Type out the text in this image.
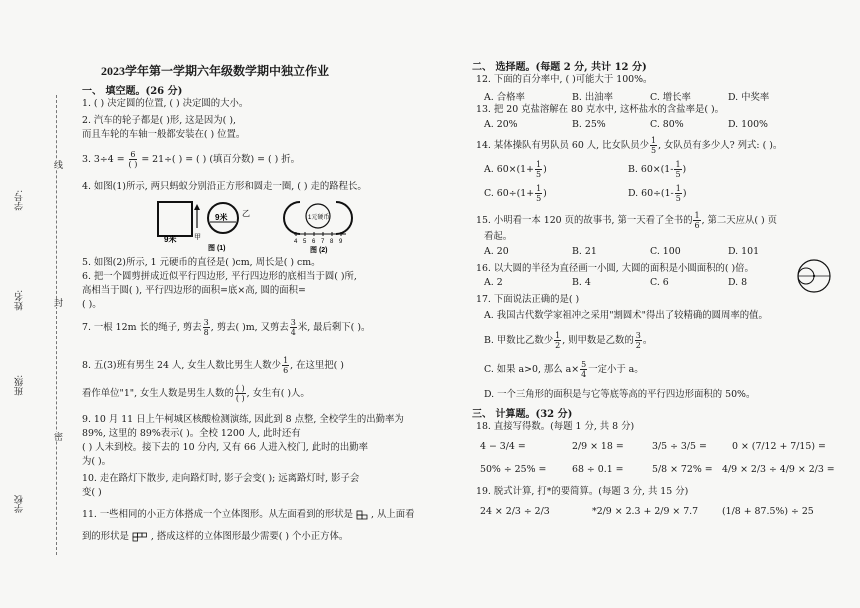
学号:
姓名:
班级:
学校
线
封
密
2023学年第一学期六年级数学期中独立作业
一、 填空题。(26 分)
1. ( ) 决定圆的位置, ( ) 决定圆的大小。
2. 汽车的轮子都是( )形, 这是因为( ),
而且车轮的车轴一般都安装在( ) 位置。
3. $3\div 4 = \frac{6}{( )} = 21\div$( ) = ( ) (填百分数) = ( ) 折。
4. 如图(1)所示, 两只蚂蚁分别沿正方形和圆走一圈, ( ) 走的路程长。
9米	甲
9米 乙
图 (1)
1元硬币
4 5 6 7 8 9
图 (2)
5. 如图(2)所示, 1 元硬币的直径是( )cm, 周长是( ) cm。
6. 把一个圆剪拼成近似平行四边形, 平行四边形的底相当于圆( )所,
高相当于圆( ), 平行四边形的面积=底×高, 圆的面积=
( )。
7. 一根 12m 长的绳子, 剪去 $\frac{3}{8}$ , 剪去( )m, 又剪去 $\frac{3}{4}$ 米, 最后剩下( )。
8. 五(3)班有男生 24 人, 女生人数比男生人数少 $\frac{1}{6}$ , 在这里把( )
看作单位"1", 女生人数是男生人数的 $\frac{( )}{( )}$ , 女生有( )人。
9. 10 月 11 日上午柯城区核酸检测演练, 因此到 8 点整, 全校学生的出勤率为
89%, 这里的 89%表示( )。全校 1200 人, 此时还有
( ) 人未到校。接下去的 10 分内, 又有 66 人进入校门, 此时的出勤率
为( )。
10. 走在路灯下散步, 走向路灯时, 影子会变( ); 远离路灯时, 影子会
变( )
11. 一些相同的小正方体搭成一个立体图形。从左面看到的形状是 , 从上面看
到的形状是 , 搭成这样的立体图形最少需要( ) 个小正方体。
二、 选择题。(每题 2 分, 共计 12 分)
12. 下面的百分率中, ( )可能大于 100%。
A. 合格率	B. 出油率	C. 增长率	D. 中奖率
13. 把 20 克盐溶解在 80 克水中, 这杯盐水的含盐率是( )。
A. 20%	B. 25%	C. 80%	D. 100%
14. 某体操队有男队员 60 人, 比女队员少 $\frac{1}{5}$ , 女队员有多少人? 列式: ( )。
A. $60\times(1+ \frac{1}{5}$ )	B. $60\times(1- \frac{1}{5}$ )
C. $60\div(1+ \frac{1}{5}$ )	D. $60\div(1- \frac{1}{5}$ )
15. 小明看一本 120 页的故事书, 第一天看了全书的 $\frac{1}{6}$ , 第二天应从( ) 页
看起。
A. 20	B. 21	C. 100	D. 101
16. 以大圆的半径为直径画一小圆, 大圆的面积是小圆面积的( )倍。
A. 2	B. 4	C. 6	D. 8
17. 下面说法正确的是( )
A. 我国古代数学家祖冲之采用"割圆术"得出了较精确的圆周率的值。
B. 甲数比乙数少 $\frac{1}{2}$ , 则甲数是乙数的 $\frac{3}{2}$ 。
C. 如果 a>0, 那么 $a\times \frac{5}{4}$ 一定小于 a。
D. 一个三角形的面积是与它等底等高的平行四边形面积的 50%。
三、 计算题。(32 分)
18. 直接写得数。(每题 1 分, 共 8 分)
4 − 3/4 =	2/9 × 18 =	3/5 ÷ 3/5 =	0 × (7/12 + 7/15) =
50% ÷ 25% =	68 ÷ 0.1 =	5/8 × 72% = 4/9 × 2/3 ÷ 4/9 × 2/3 =
19. 脱式计算, 打*的要简算。(每题 3 分, 共 15 分)
24 × 2/3 ÷ 2/3	*2/9 × 2.3 + 2/9 × 7.7	(1/8 + 87.5%) ÷ 25
